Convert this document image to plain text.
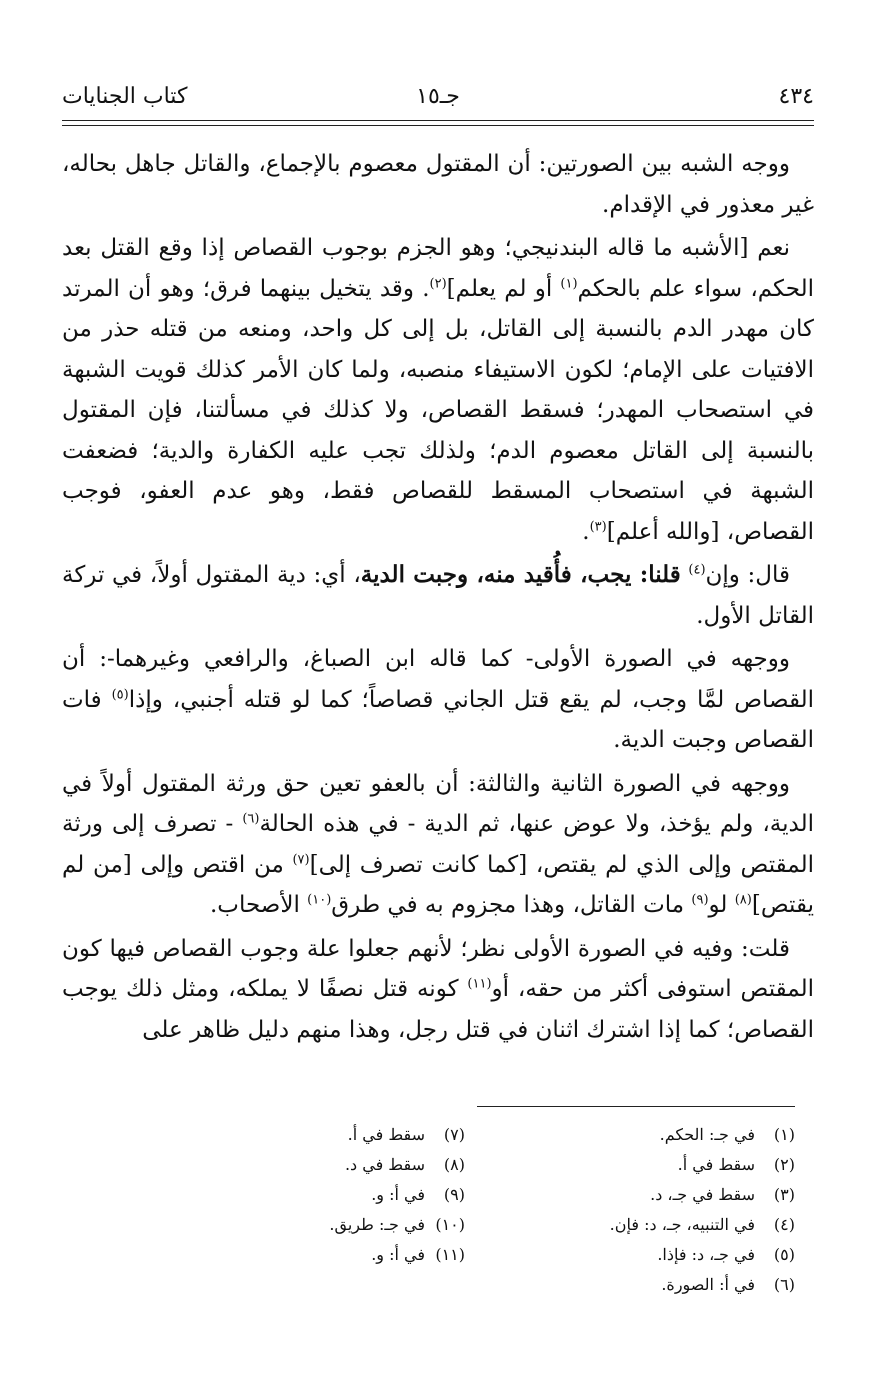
٤٣٤
جـ١٥
كتاب الجنايات

ووجه الشبه بين الصورتين: أن المقتول معصوم بالإجماع، والقاتل جاهل بحاله، غير معذور في الإقدام.

نعم [الأشبه ما قاله البندنيجي؛ وهو الجزم بوجوب القصاص إذا وقع القتل بعد الحكم، سواء علم بالحكم$^{(١)}$ أو لم يعلم]$^{(٢)}$. وقد يتخيل بينهما فرق؛ وهو أن المرتد كان مهدر الدم بالنسبة إلى القاتل، بل إلى كل واحد، ومنعه من قتله حذر من الافتيات على الإمام؛ لكون الاستيفاء منصبه، ولما كان الأمر كذلك قويت الشبهة في استصحاب المهدر؛ فسقط القصاص، ولا كذلك في مسألتنا، فإن المقتول بالنسبة إلى القاتل معصوم الدم؛ ولذلك تجب عليه الكفارة والدية؛ فضعفت الشبهة في استصحاب المسقط للقصاص فقط، وهو عدم العفو، فوجب القصاص، [والله أعلم]$^{(٣)}$.

قال: وإن$^{(٤)}$ قلنا: يجب، فأُقيد منه، وجبت الدية، أي: دية المقتول أولاً، في تركة القاتل الأول.

ووجهه في الصورة الأولى- كما قاله ابن الصباغ، والرافعي وغيرهما-: أن القصاص لمَّا وجب، لم يقع قتل الجاني قصاصاً؛ كما لو قتله أجنبي، وإذا$^{(٥)}$ فات القصاص وجبت الدية.

ووجهه في الصورة الثانية والثالثة: أن بالعفو تعين حق ورثة المقتول أولاً في الدية، ولم يؤخذ، ولا عوض عنها، ثم الدية - في هذه الحالة$^{(٦)}$ - تصرف إلى ورثة المقتص وإلى الذي لم يقتص، [كما كانت تصرف إلى]$^{(٧)}$ من اقتص وإلى [من لم يقتص]$^{(٨)}$ لو$^{(٩)}$ مات القاتل، وهذا مجزوم به في طرق$^{(١٠)}$ الأصحاب.

قلت: وفيه في الصورة الأولى نظر؛ لأنهم جعلوا علة وجوب القصاص فيها كون المقتص استوفى أكثر من حقه، أو$^{(١١)}$ كونه قتل نصفًا لا يملكه، ومثل ذلك يوجب القصاص؛ كما إذا اشترك اثنان في قتل رجل، وهذا منهم دليل ظاهر على

(١)في جـ: الحكم.
(٢)سقط في أ.
(٣)سقط في جـ، د.
(٤)في التنبيه، جـ، د: فإن.
(٥)في جـ، د: فإذا.
(٦)في أ: الصورة.
(٧)سقط في أ.
(٨)سقط في د.
(٩)في أ: و.
(١٠)في جـ: طريق.
(١١)في أ: و.
